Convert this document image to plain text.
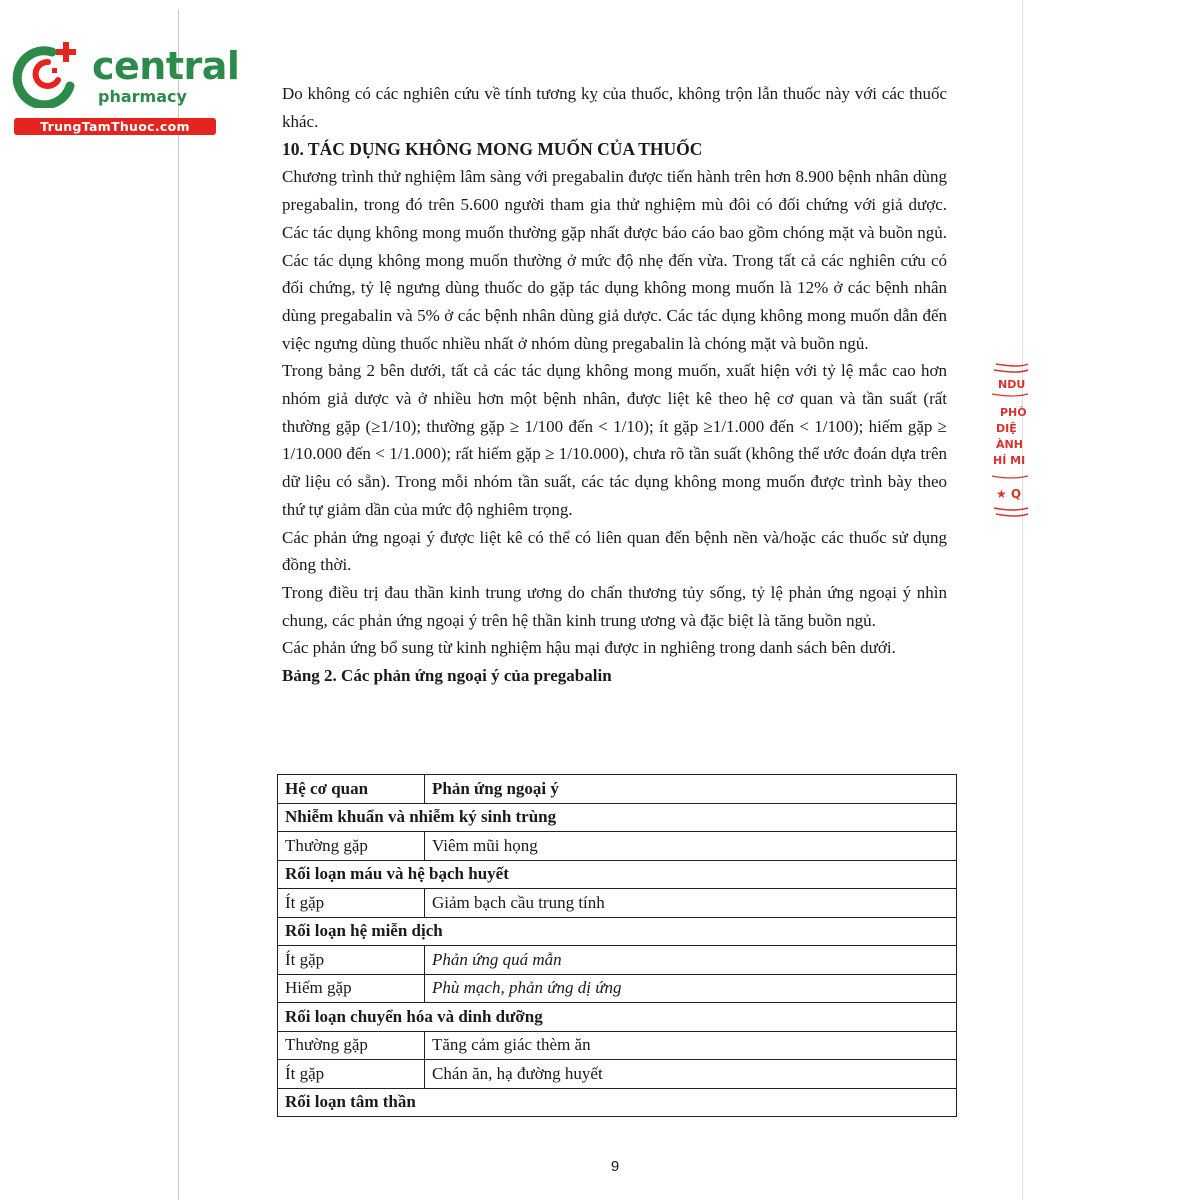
central
pharmacy
TrungTamThuoc.com
NDU
PHÒ
DIỆ
ÀNH
HÍ MI
★ Q

Do không có các nghiên cứu về tính tương kỵ của thuốc, không trộn lẫn thuốc này với các thuốc khác.

10. TÁC DỤNG KHÔNG MONG MUỐN CỦA THUỐC

Chương trình thử nghiệm lâm sàng với pregabalin được tiến hành trên hơn 8.900 bệnh nhân dùng pregabalin, trong đó trên 5.600 người tham gia thử nghiệm mù đôi có đối chứng với giả dược. Các tác dụng không mong muốn thường gặp nhất được báo cáo bao gồm chóng mặt và buồn ngủ. Các tác dụng không mong muốn thường ở mức độ nhẹ đến vừa. Trong tất cả các nghiên cứu có đối chứng, tỷ lệ ngưng dùng thuốc do gặp tác dụng không mong muốn là 12% ở các bệnh nhân dùng pregabalin và 5% ở các bệnh nhân dùng giả dược. Các tác dụng không mong muốn dẫn đến việc ngưng dùng thuốc nhiều nhất ở nhóm dùng pregabalin là chóng mặt và buồn ngủ.

Trong bảng 2 bên dưới, tất cả các tác dụng không mong muốn, xuất hiện với tỷ lệ mắc cao hơn nhóm giả dược và ở nhiều hơn một bệnh nhân, được liệt kê theo hệ cơ quan và tần suất (rất thường gặp (≥1/10); thường gặp ≥ 1/100 đến < 1/10); ít gặp ≥1/1.000 đến < 1/100); hiếm gặp ≥ 1/10.000 đến < 1/1.000); rất hiếm gặp ≥ 1/10.000), chưa rõ tần suất (không thể ước đoán dựa trên dữ liệu có sẵn). Trong mỗi nhóm tần suất, các tác dụng không mong muốn được trình bày theo thứ tự giảm dần của mức độ nghiêm trọng.

Các phản ứng ngoại ý được liệt kê có thể có liên quan đến bệnh nền và/hoặc các thuốc sử dụng đồng thời.

Trong điều trị đau thần kinh trung ương do chấn thương tủy sống, tỷ lệ phản ứng ngoại ý nhìn chung, các phản ứng ngoại ý trên hệ thần kinh trung ương và đặc biệt là tăng buồn ngủ.

Các phản ứng bổ sung từ kinh nghiệm hậu mại được in nghiêng trong danh sách bên dưới.

Bảng 2. Các phản ứng ngoại ý của pregabalin

Hệ cơ quan	Phản ứng ngoại ý
Nhiễm khuẩn và nhiễm ký sinh trùng	
Thường gặp	Viêm mũi họng
Rối loạn máu và hệ bạch huyết	
Ít gặp	Giảm bạch cầu trung tính
Rối loạn hệ miễn dịch	
Ít gặp	Phản ứng quá mẫn
Hiếm gặp	Phù mạch, phản ứng dị ứng
Rối loạn chuyển hóa và dinh dưỡng	
Thường gặp	Tăng cảm giác thèm ăn
Ít gặp	Chán ăn, hạ đường huyết
Rối loạn tâm thần	
9
